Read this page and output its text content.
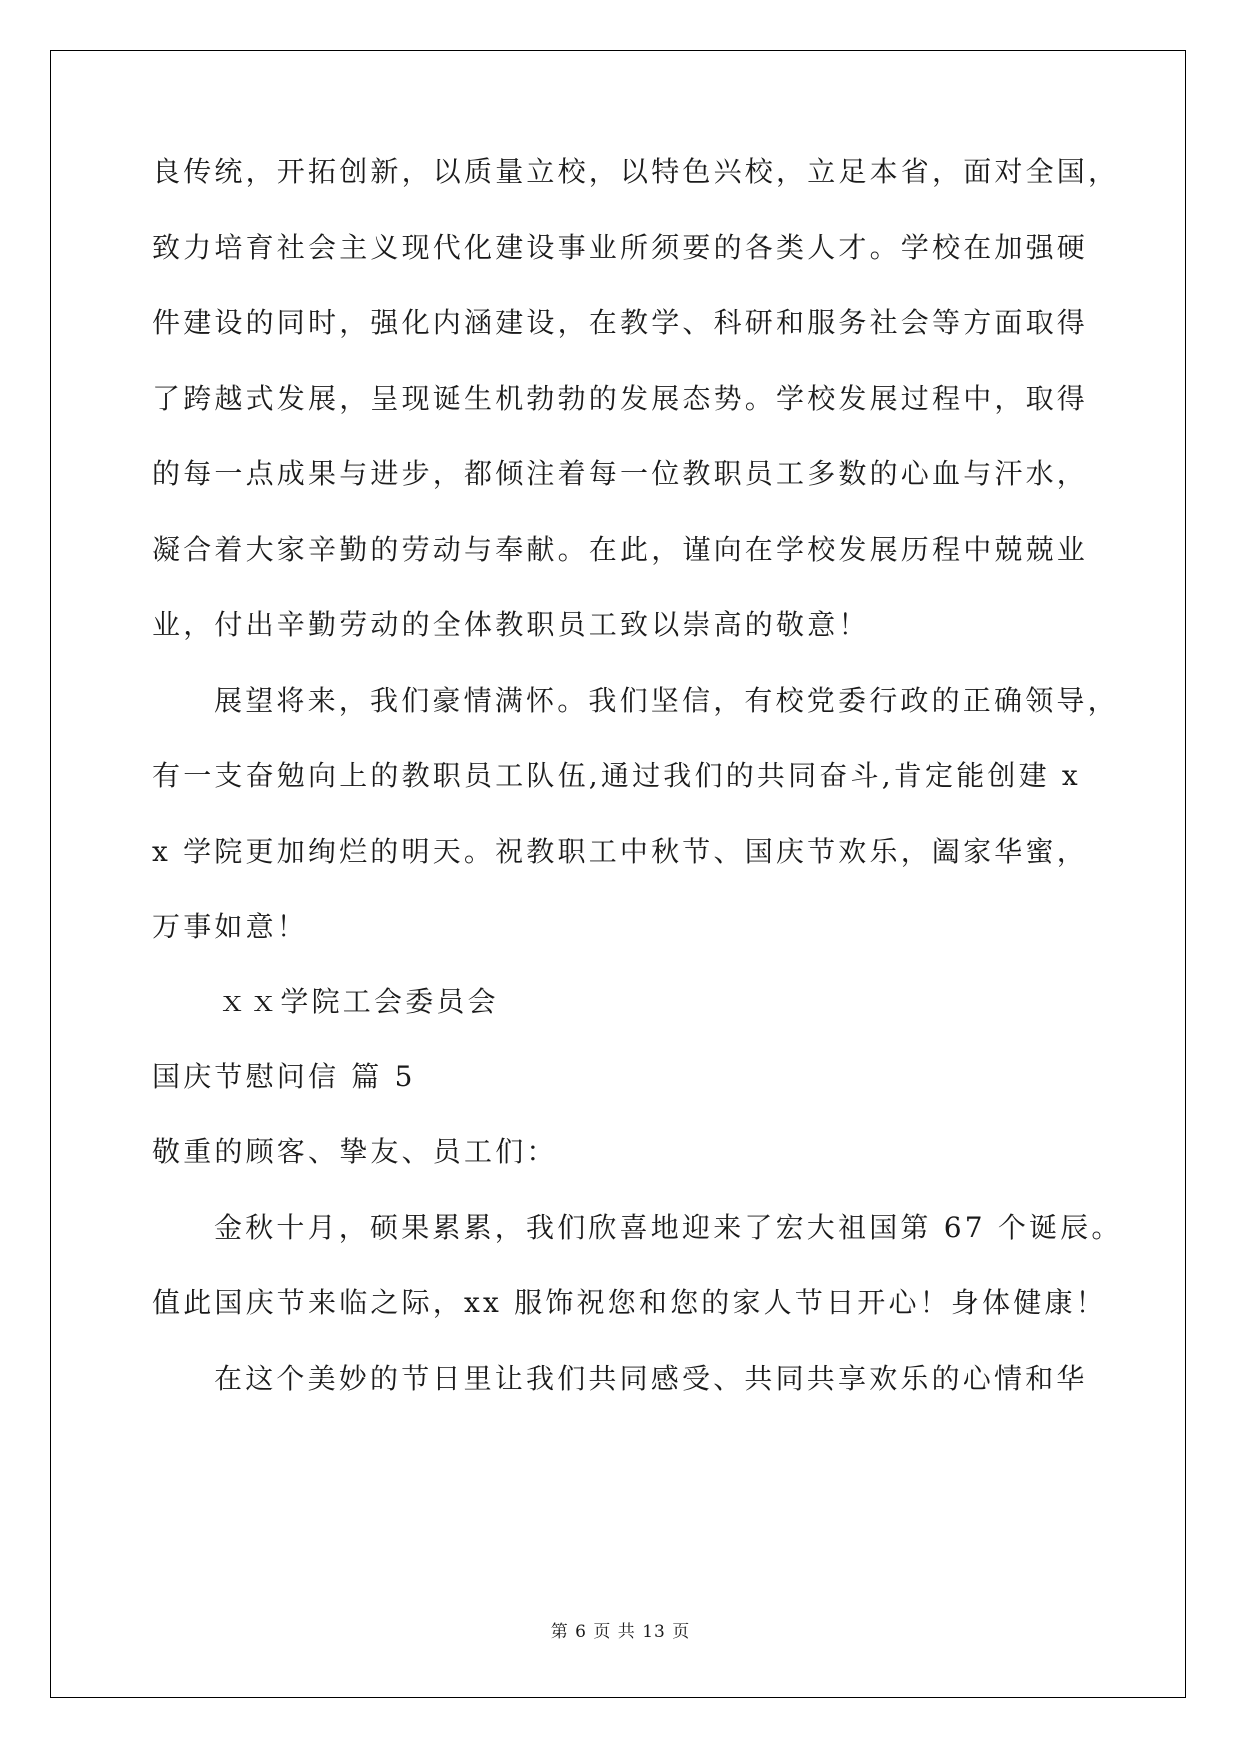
良传统，开拓创新，以质量立校，以特色兴校，立足本省，面对全国，
致力培育社会主义现代化建设事业所须要的各类人才。学校在加强硬
件建设的同时，强化内涵建设，在教学、科研和服务社会等方面取得
了跨越式发展，呈现诞生机勃勃的发展态势。学校发展过程中，取得
的每一点成果与进步，都倾注着每一位教职员工多数的心血与汗水，
凝合着大家辛勤的劳动与奉献。在此，谨向在学校发展历程中兢兢业
业，付出辛勤劳动的全体教职员工致以崇高的敬意！
展望将来，我们豪情满怀。我们坚信，有校党委行政的正确领导，
有一支奋勉向上的教职员工队伍,通过我们的共同奋斗,肯定能创建 x
x 学院更加绚烂的明天。祝教职工中秋节、国庆节欢乐，阖家华蜜，
万事如意！
ｘｘ学院工会委员会
国庆节慰问信 篇 5
敬重的顾客、挚友、员工们：
金秋十月，硕果累累，我们欣喜地迎来了宏大祖国第 67 个诞辰。
值此国庆节来临之际，xx 服饰祝您和您的家人节日开心！身体健康！
在这个美妙的节日里让我们共同感受、共同共享欢乐的心情和华
第 6 页 共 13 页
